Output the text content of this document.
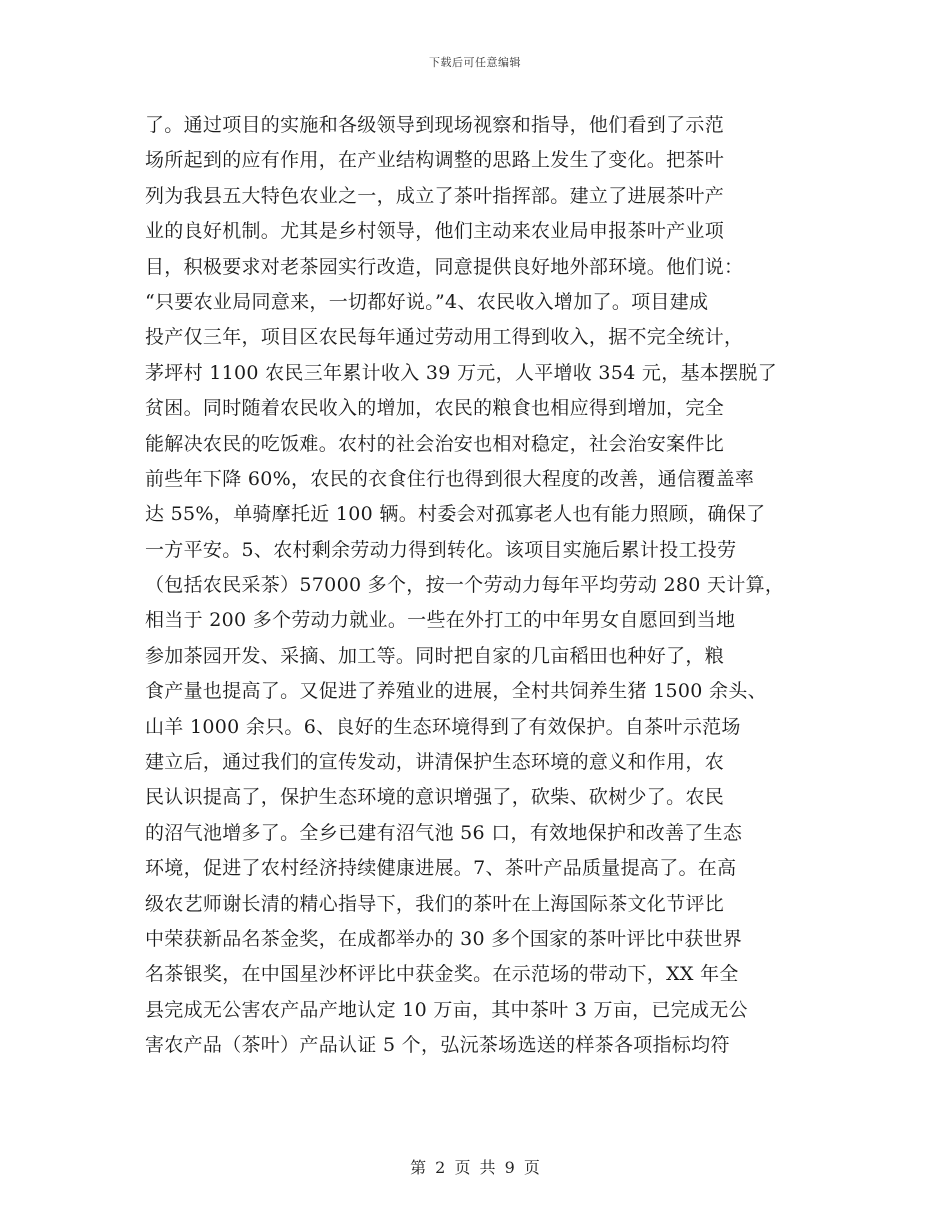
下载后可任意编辑
了。通过项目的实施和各级领导到现场视察和指导，他们看到了示范
场所起到的应有作用，在产业结构调整的思路上发生了变化。把茶叶
列为我县五大特色农业之一，成立了茶叶指挥部。建立了进展茶叶产
业的良好机制。尤其是乡村领导，他们主动来农业局申报茶叶产业项
目，积极要求对老茶园实行改造，同意提供良好地外部环境。他们说：
“只要农业局同意来，一切都好说。”4、农民收入增加了。项目建成
投产仅三年，项目区农民每年通过劳动用工得到收入，据不完全统计，
茅坪村 1100 农民三年累计收入 39 万元，人平增收 354 元，基本摆脱了
贫困。同时随着农民收入的增加，农民的粮食也相应得到增加，完全
能解决农民的吃饭难。农村的社会治安也相对稳定，社会治安案件比
前些年下降 60%，农民的衣食住行也得到很大程度的改善，通信覆盖率
达 55%，单骑摩托近 100 辆。村委会对孤寡老人也有能力照顾，确保了
一方平安。5、农村剩余劳动力得到转化。该项目实施后累计投工投劳
（包括农民采茶）57000 多个，按一个劳动力每年平均劳动 280 天计算，
相当于 200 多个劳动力就业。一些在外打工的中年男女自愿回到当地
参加茶园开发、采摘、加工等。同时把自家的几亩稻田也种好了，粮
食产量也提高了。又促进了养殖业的进展，全村共饲养生猪 1500 余头、
山羊 1000 余只。6、良好的生态环境得到了有效保护。自茶叶示范场
建立后，通过我们的宣传发动，讲清保护生态环境的意义和作用，农
民认识提高了，保护生态环境的意识增强了，砍柴、砍树少了。农民
的沼气池增多了。全乡已建有沼气池 56 口，有效地保护和改善了生态
环境，促进了农村经济持续健康进展。7、茶叶产品质量提高了。在高
级农艺师谢长清的精心指导下，我们的茶叶在上海国际茶文化节评比
中荣获新品名茶金奖，在成都举办的 30 多个国家的茶叶评比中获世界
名茶银奖，在中国星沙杯评比中获金奖。在示范场的带动下，XX 年全
县完成无公害农产品产地认定 10 万亩，其中茶叶 3 万亩，已完成无公
害农产品（茶叶）产品认证 5 个，弘沅茶场选送的样茶各项指标均符
第 2 页 共 9 页
